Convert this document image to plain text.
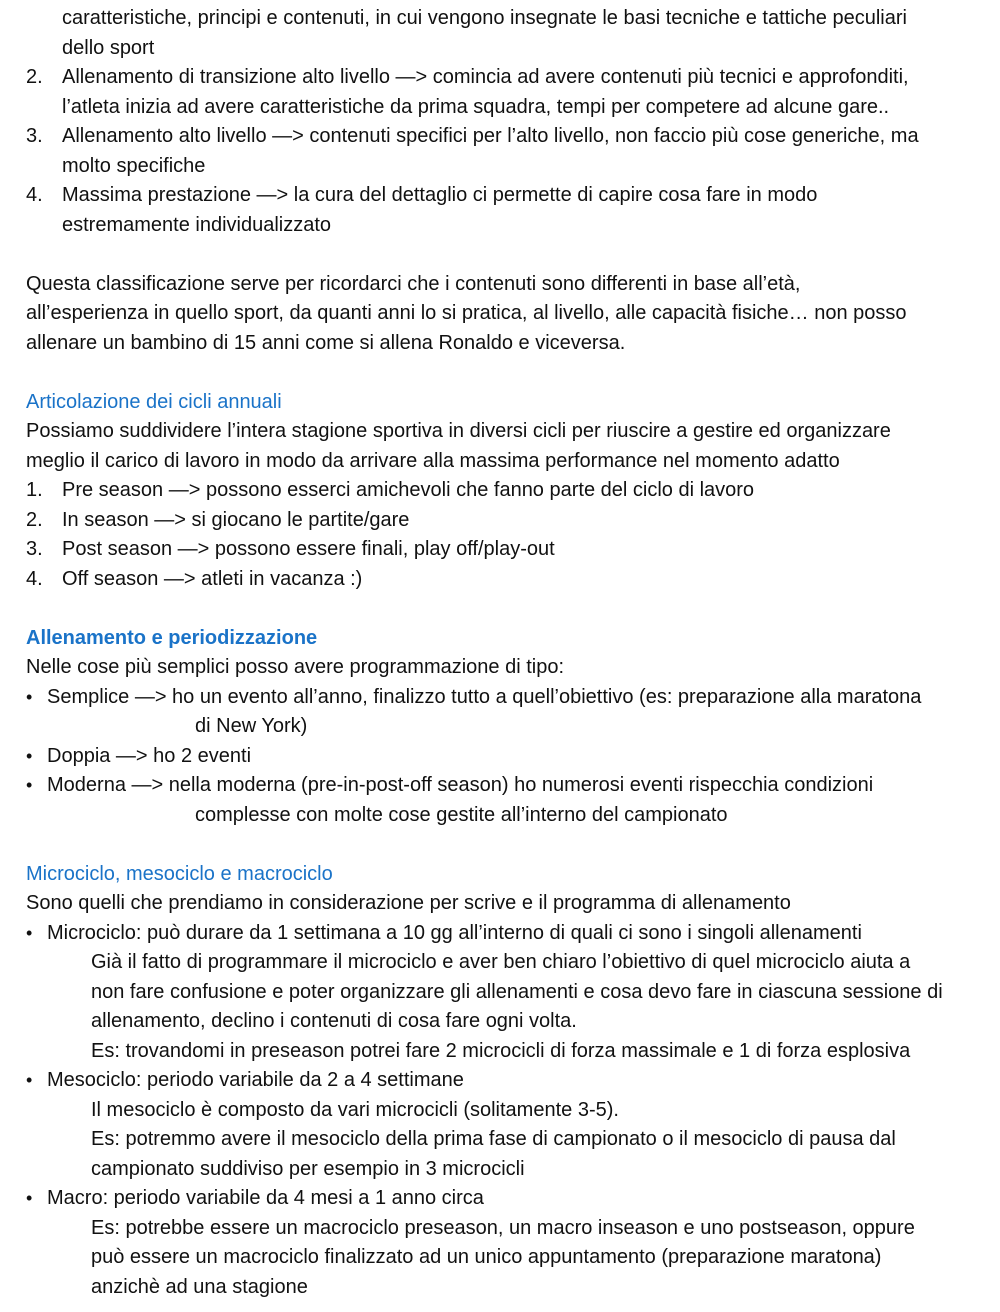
caratteristiche, principi e contenuti, in cui vengono insegnate le basi tecniche e tattiche peculiari
dello sport
2. Allenamento di transizione alto livello —> comincia ad avere contenuti più tecnici e approfonditi,
l’atleta inizia ad avere caratteristiche da prima squadra, tempi per competere ad alcune gare..
3. Allenamento alto livello —> contenuti specifici per l’alto livello, non faccio più cose generiche, ma
molto specifiche
4. Massima prestazione —> la cura del dettaglio ci permette di capire cosa fare in modo
estremamente individualizzato
Questa classificazione serve per ricordarci che i contenuti sono differenti in base all’età,
all’esperienza in quello sport, da quanti anni lo si pratica, al livello, alle capacità fisiche… non posso
allenare un bambino di 15 anni come si allena Ronaldo e viceversa.
Articolazione dei cicli annuali
Possiamo suddividere l’intera stagione sportiva in diversi cicli per riuscire a gestire ed organizzare
meglio il carico di lavoro in modo da arrivare alla massima performance nel momento adatto
1. Pre season —> possono esserci amichevoli che fanno parte del ciclo di lavoro
2. In season —> si giocano le partite/gare
3. Post season —> possono essere finali, play off/play-out
4. Off season —> atleti in vacanza :)
Allenamento e periodizzazione
Nelle cose più semplici posso avere programmazione di tipo:
• Semplice —> ho un evento all’anno, finalizzo tutto a quell’obiettivo (es: preparazione alla maratona
di New York)
• Doppia —> ho 2 eventi
• Moderna —> nella moderna (pre-in-post-off season) ho numerosi eventi rispecchia condizioni
complesse con molte cose gestite all’interno del campionato
Microciclo, mesociclo e macrociclo
Sono quelli che prendiamo in considerazione per scrive e il programma di allenamento
• Microciclo: può durare da 1 settimana a 10 gg all’interno di quali ci sono i singoli allenamenti
Già il fatto di programmare il microciclo e aver ben chiaro l’obiettivo di quel microciclo aiuta a
non fare confusione e poter organizzare gli allenamenti e cosa devo fare in ciascuna sessione di
allenamento, declino i contenuti di cosa fare ogni volta.
Es: trovandomi in preseason potrei fare 2 microcicli di forza massimale e 1 di forza esplosiva
• Mesociclo: periodo variabile da 2 a 4 settimane
Il mesociclo è composto da vari microcicli (solitamente 3-5).
Es: potremmo avere il mesociclo della prima fase di campionato o il mesociclo di pausa dal
campionato suddiviso per esempio in 3 microcicli
• Macro: periodo variabile da 4 mesi a 1 anno circa
Es: potrebbe essere un macrociclo preseason, un macro inseason e uno postseason, oppure
può essere un macrociclo finalizzato ad un unico appuntamento (preparazione maratona)
anzichè ad una stagione
